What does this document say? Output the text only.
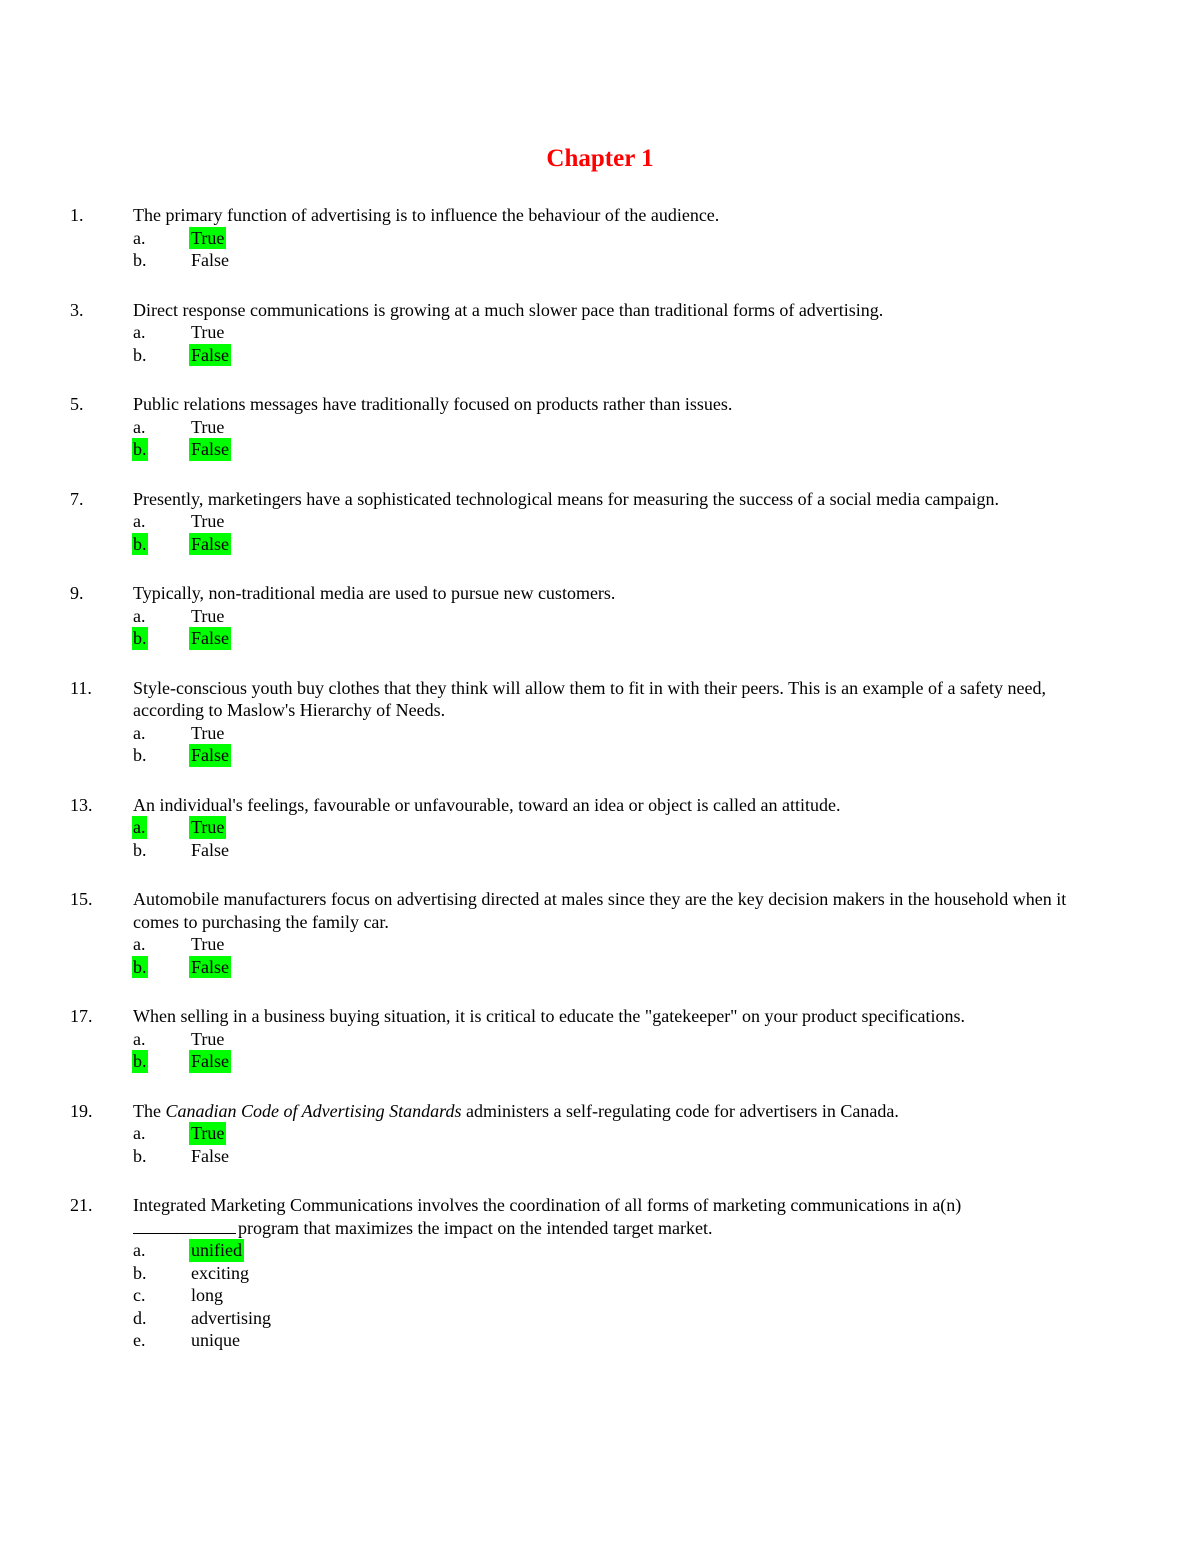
Chapter 1
1.	The primary function of advertising is to influence the behaviour of the audience.
a.	True
b. False
3.	Direct response communications is growing at a much slower pace than traditional forms of advertising.
a.	True
b. False
5.	Public relations messages have traditionally focused on products rather than issues.
a.	True
b. False
7.	Presently, marketingers have a sophisticated technological means for measuring the success of a social media campaign.
a.	True
b. False
9.	Typically, non-traditional media are used to pursue new customers.
a.	True
b. False
11. Style-conscious youth buy clothes that they think will allow them to fit in with their peers. This is an example of a safety need, according to Maslow's Hierarchy of Needs.
a.	True
b. False
13. An individual's feelings, favourable or unfavourable, toward an idea or object is called an attitude.
a.	True
b. False
15. Automobile manufacturers focus on advertising directed at males since they are the key decision makers in the household when it comes to purchasing the family car.
a.	True
b. False
17. When selling in a business buying situation, it is critical to educate the "gatekeeper" on your product specifications.
a.	True
b. False
19. The Canadian Code of Advertising Standards administers a self-regulating code for advertisers in Canada.
a.	True
b. False
21. Integrated Marketing Communications involves the coordination of all forms of marketing communications in a(n)
program that maximizes the impact on the intended target market.
a.	unified
b. exciting
c.	long
d. advertising
e.	unique
